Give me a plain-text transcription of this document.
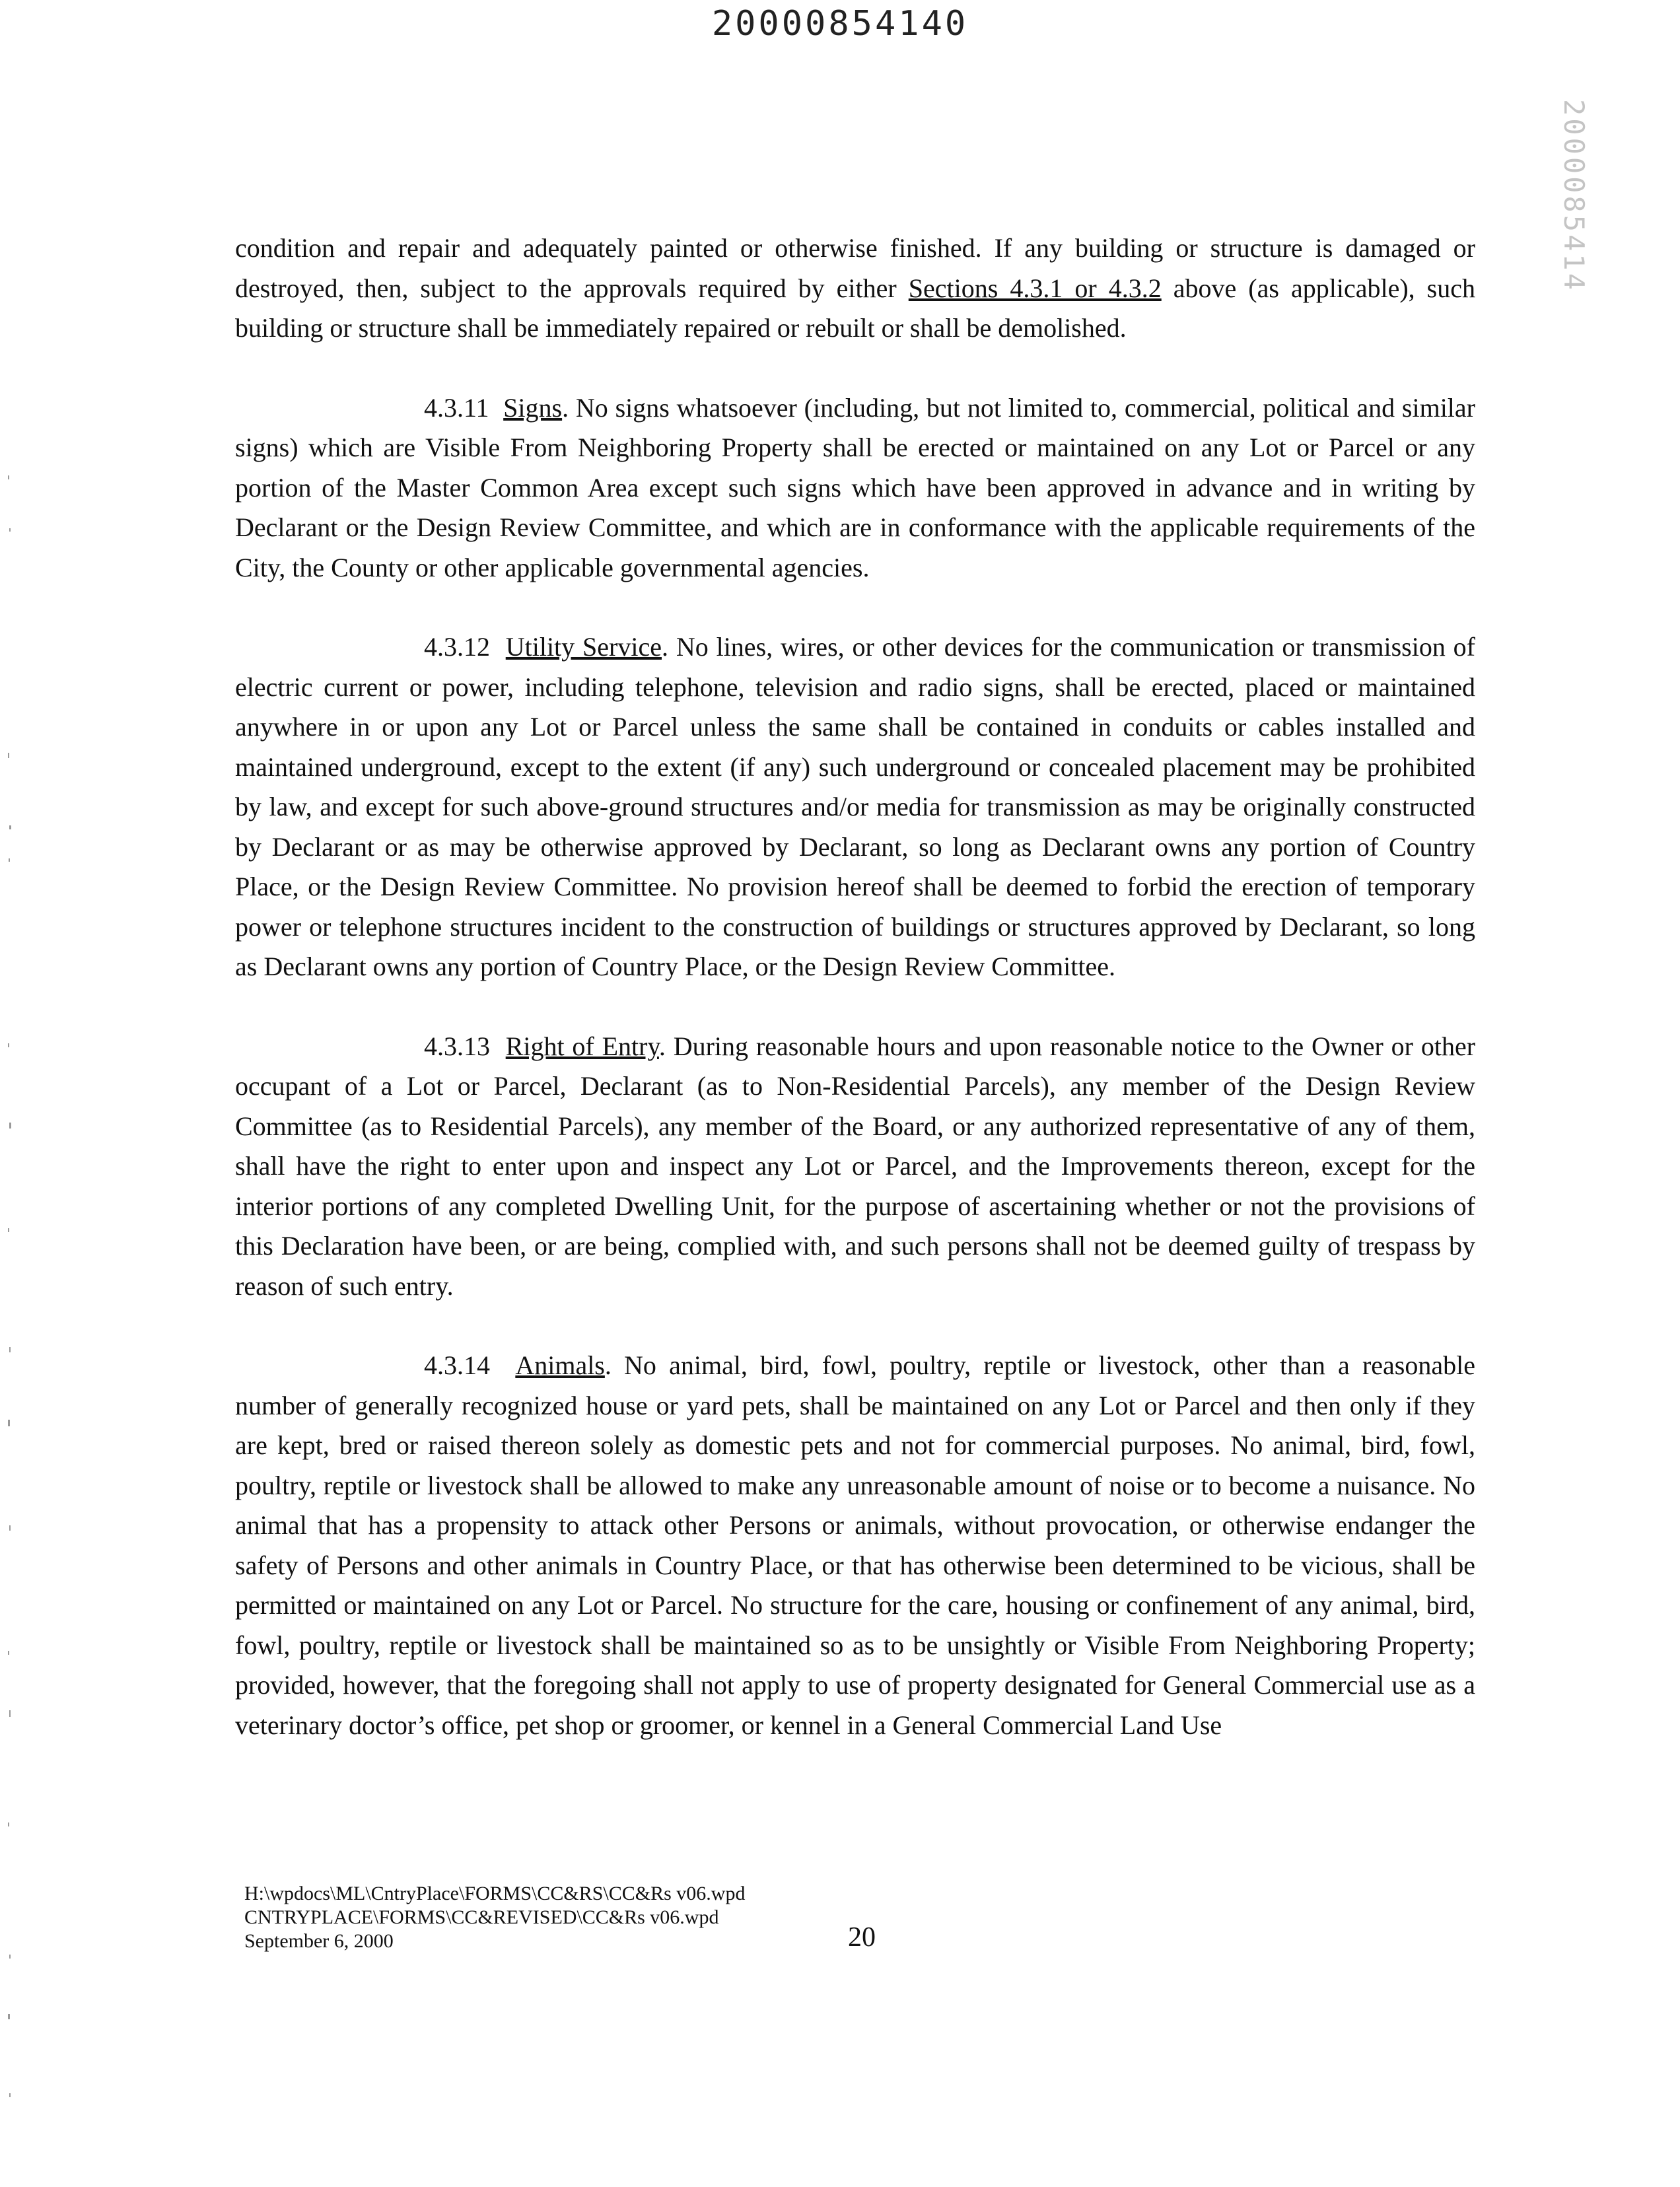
20000854140
2000085414

condition and repair and adequately painted or otherwise finished. If any building or structure is damaged or destroyed, then, subject to the approvals required by either Sections 4.3.1 or 4.3.2 above (as applicable), such building or structure shall be immediately repaired or rebuilt or shall be demolished.

4.3.11 Signs. No signs whatsoever (including, but not limited to, commercial, political and similar signs) which are Visible From Neighboring Property shall be erected or maintained on any Lot or Parcel or any portion of the Master Common Area except such signs which have been approved in advance and in writing by Declarant or the Design Review Committee, and which are in conformance with the applicable requirements of the City, the County or other applicable governmental agencies.

4.3.12 Utility Service. No lines, wires, or other devices for the communication or transmission of electric current or power, including telephone, television and radio signs, shall be erected, placed or maintained anywhere in or upon any Lot or Parcel unless the same shall be contained in conduits or cables installed and maintained underground, except to the extent (if any) such underground or concealed placement may be prohibited by law, and except for such above-ground structures and/or media for transmission as may be originally constructed by Declarant or as may be otherwise approved by Declarant, so long as Declarant owns any portion of Country Place, or the Design Review Committee. No provision hereof shall be deemed to forbid the erection of temporary power or telephone structures incident to the construction of buildings or structures approved by Declarant, so long as Declarant owns any portion of Country Place, or the Design Review Committee.

4.3.13 Right of Entry. During reasonable hours and upon reasonable notice to the Owner or other occupant of a Lot or Parcel, Declarant (as to Non-Residential Parcels), any member of the Design Review Committee (as to Residential Parcels), any member of the Board, or any authorized representative of any of them, shall have the right to enter upon and inspect any Lot or Parcel, and the Improvements thereon, except for the interior portions of any completed Dwelling Unit, for the purpose of ascertaining whether or not the provisions of this Declaration have been, or are being, complied with, and such persons shall not be deemed guilty of trespass by reason of such entry.

4.3.14 Animals. No animal, bird, fowl, poultry, reptile or livestock, other than a reasonable number of generally recognized house or yard pets, shall be maintained on any Lot or Parcel and then only if they are kept, bred or raised thereon solely as domestic pets and not for commercial purposes. No animal, bird, fowl, poultry, reptile or livestock shall be allowed to make any unreasonable amount of noise or to become a nuisance. No animal that has a propensity to attack other Persons or animals, without provocation, or otherwise endanger the safety of Persons and other animals in Country Place, or that has otherwise been determined to be vicious, shall be permitted or maintained on any Lot or Parcel. No structure for the care, housing or confinement of any animal, bird, fowl, poultry, reptile or livestock shall be maintained so as to be unsightly or Visible From Neighboring Property; provided, however, that the foregoing shall not apply to use of property designated for General Commercial use as a veterinary doctor’s office, pet shop or groomer, or kennel in a General Commercial Land Use

H:\wpdocs\ML\CntryPlace\FORMS\CC&RS\CC&Rs v06.wpd
CNTRYPLACE\FORMS\CC&REVISED\CC&Rs v06.wpd
September 6, 2000	20
